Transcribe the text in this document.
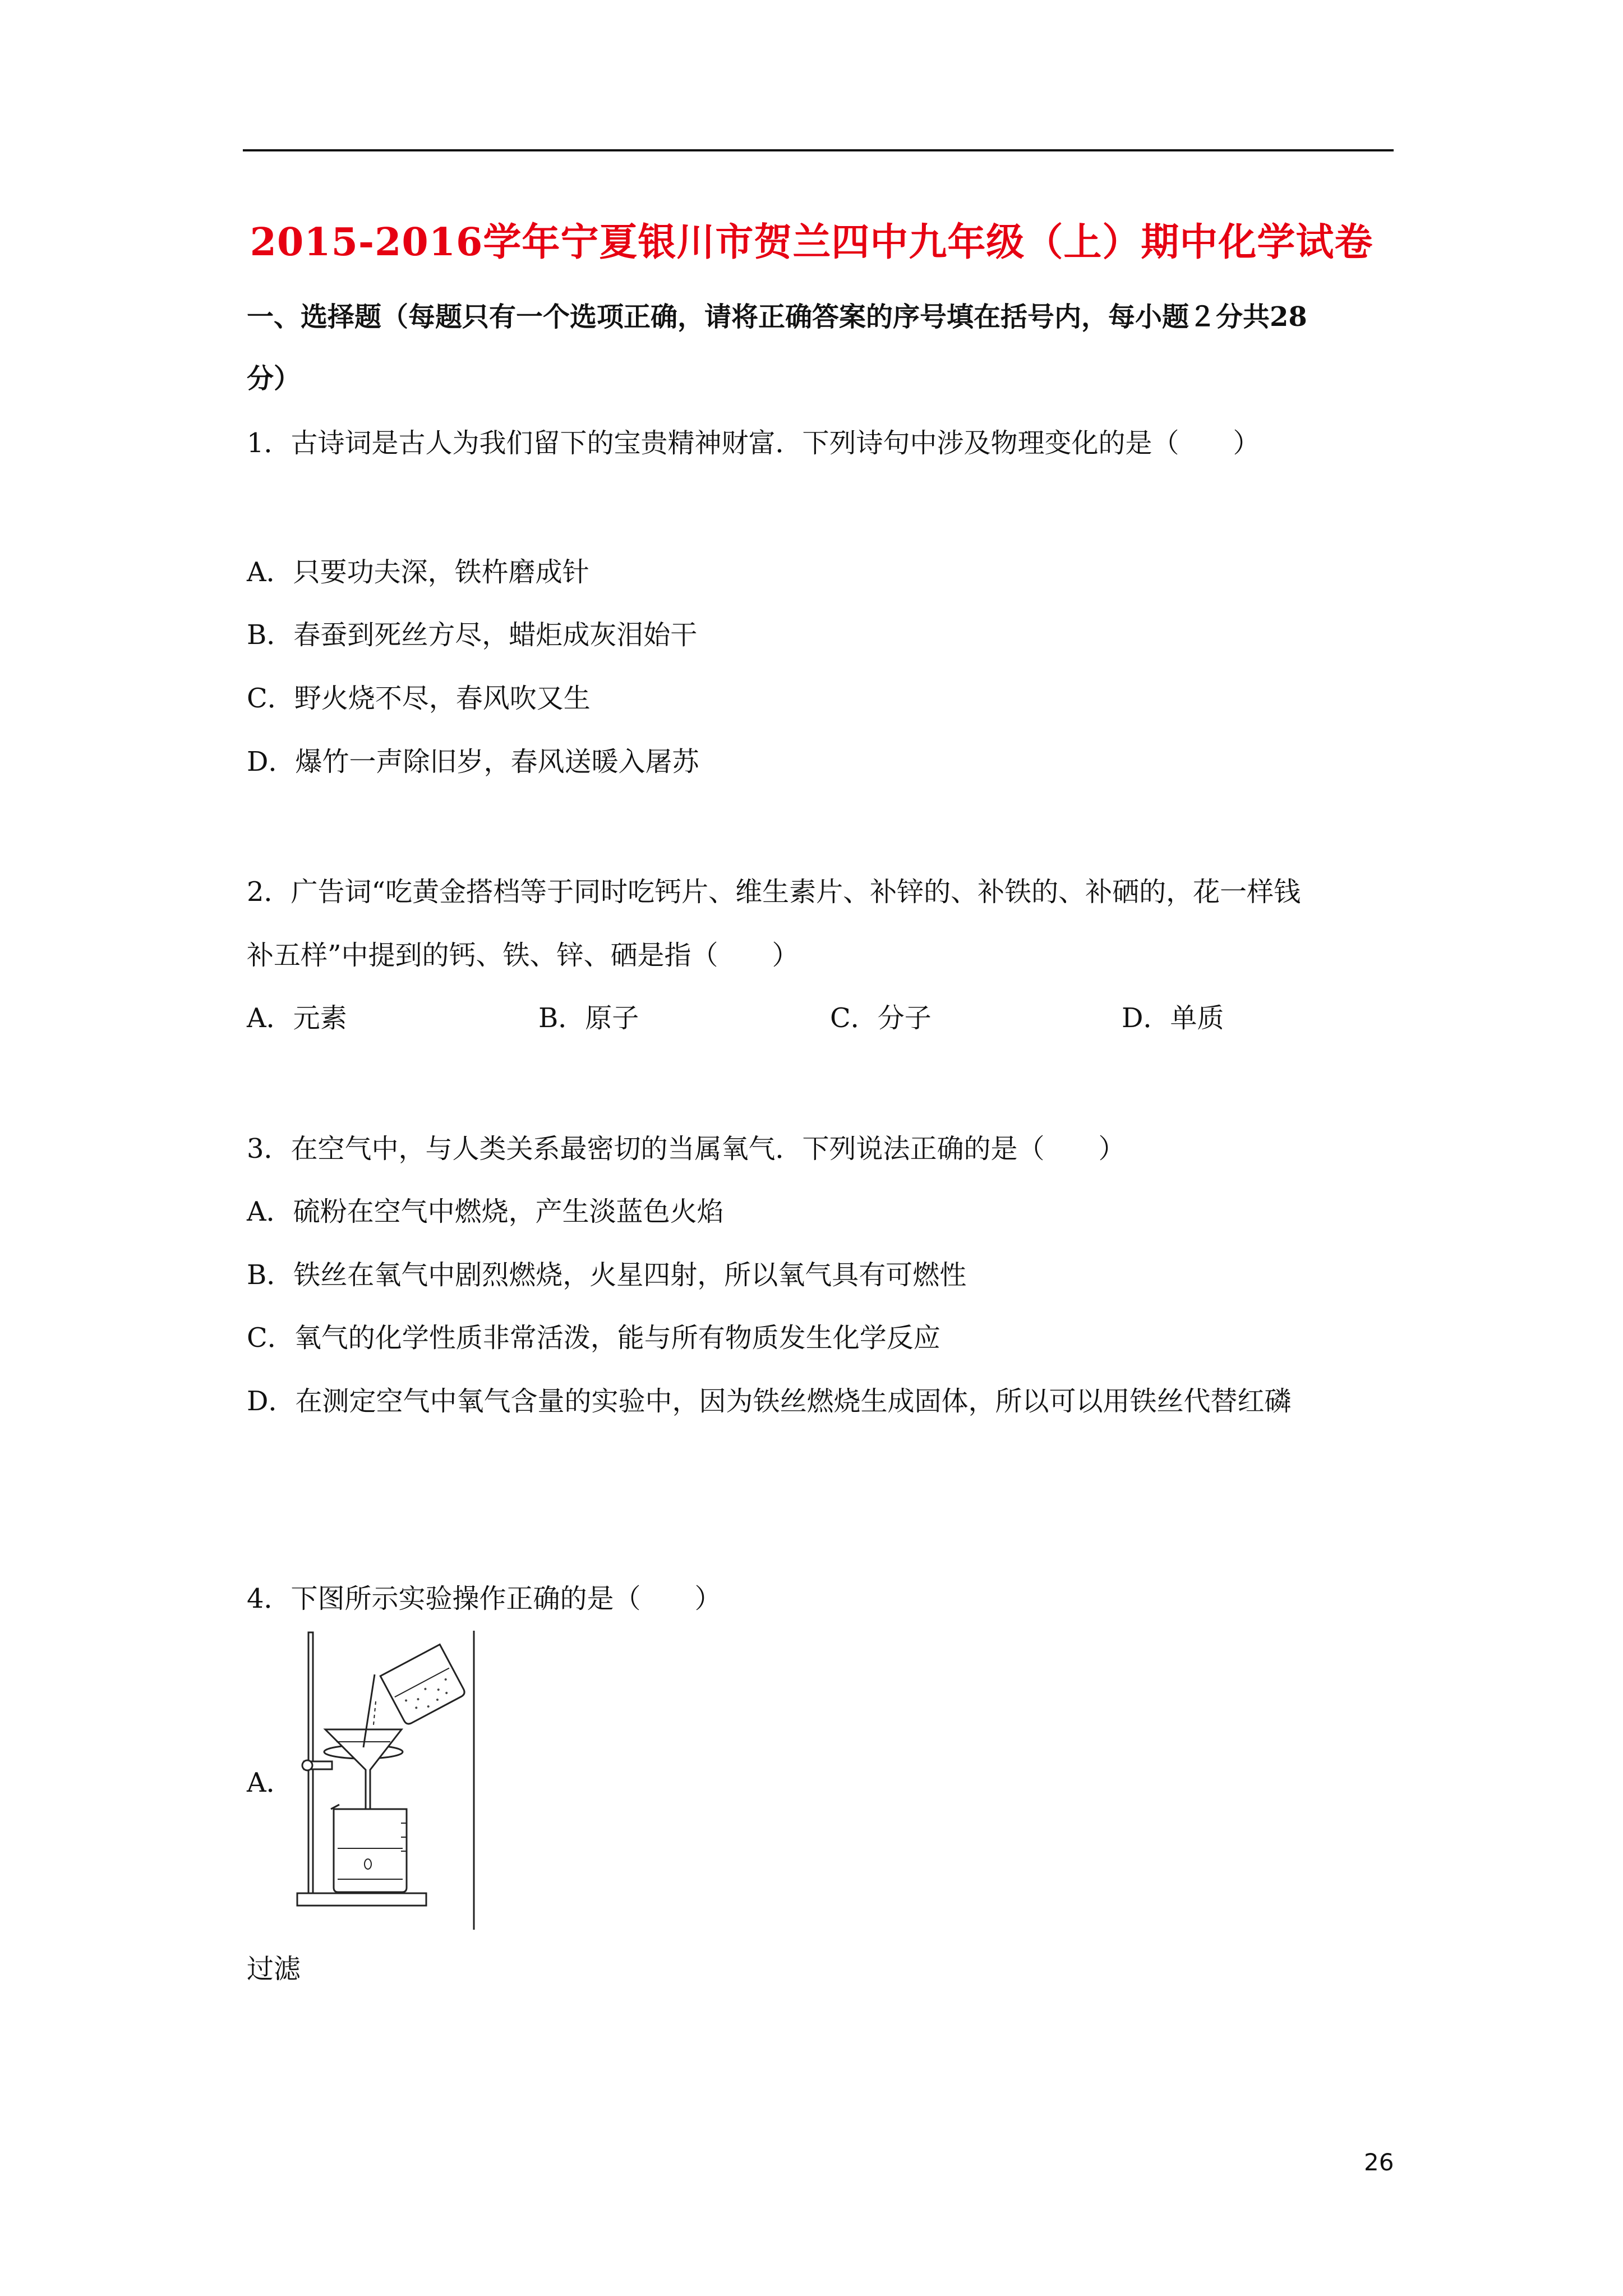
2015-2016学年宁夏银川市贺兰四中九年级（上）期中化学试卷
一、选择题（每题只有一个选项正确，请将正确答案的序号填在括号内，每小题２分共28
分）
1．古诗词是古人为我们留下的宝贵精神财富．下列诗句中涉及物理变化的是（　　）
A．只要功夫深，铁杵磨成针
B．春蚕到死丝方尽，蜡炬成灰泪始干
C．野火烧不尽，春风吹又生
D．爆竹一声除旧岁，春风送暖入屠苏
2．广告词“吃黄金搭档等于同时吃钙片、维生素片、补锌的、补铁的、补硒的，花一样钱
补五样”中提到的钙、铁、锌、硒是指（　　）
A．元素	B．原子	C．分子	D．单质
3．在空气中，与人类关系最密切的当属氧气．下列说法正确的是（　　）
A．硫粉在空气中燃烧，产生淡蓝色火焰
B．铁丝在氧气中剧烈燃烧，火星四射，所以氧气具有可燃性
C．氧气的化学性质非常活泼，能与所有物质发生化学反应
D．在测定空气中氧气含量的实验中，因为铁丝燃烧生成固体，所以可以用铁丝代替红磷
4．下图所示实验操作正确的是（　　）
A．
过滤
26
